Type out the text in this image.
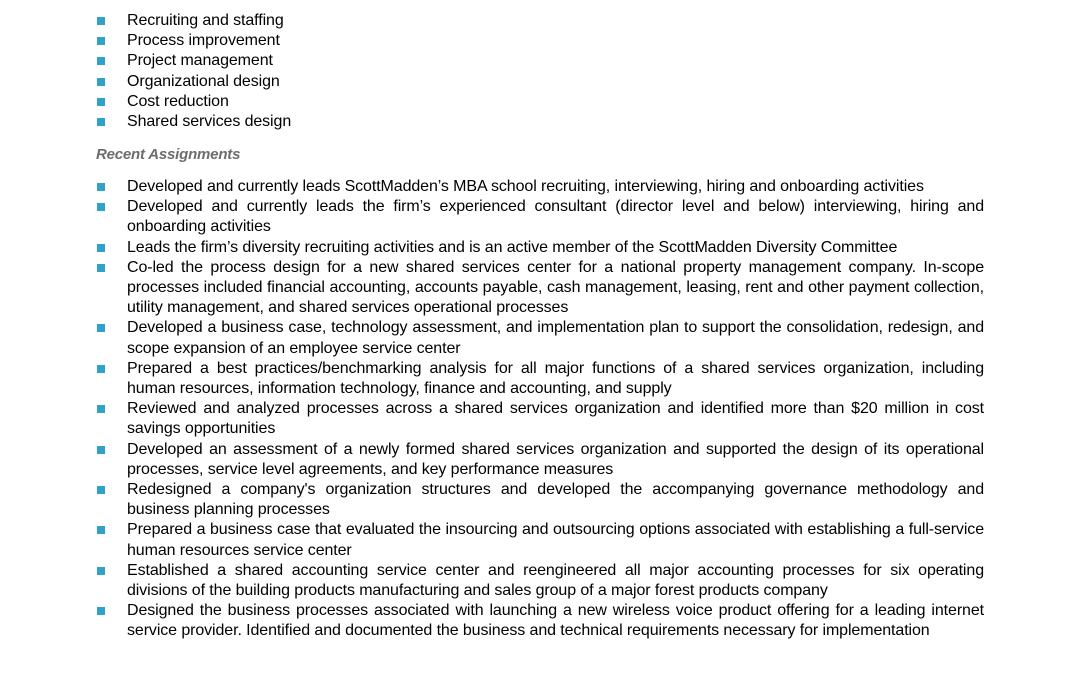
Recruiting and staffing
Process improvement
Project management
Organizational design
Cost reduction
Shared services design
Recent Assignments
Developed and currently leads ScottMadden’s MBA school recruiting, interviewing, hiring and onboarding activities
Developed and currently leads the firm’s experienced consultant (director level and below) interviewing, hiring and onboarding activities
Leads the firm’s diversity recruiting activities and is an active member of the ScottMadden Diversity Committee
Co-led the process design for a new shared services center for a national property management company. In-scope processes included financial accounting, accounts payable, cash management, leasing, rent and other payment collection, utility management, and shared services operational processes
Developed a business case, technology assessment, and implementation plan to support the consolidation, redesign, and scope expansion of an employee service center
Prepared a best practices/benchmarking analysis for all major functions of a shared services organization, including human resources, information technology, finance and accounting, and supply
Reviewed and analyzed processes across a shared services organization and identified more than $20 million in cost savings opportunities
Developed an assessment of a newly formed shared services organization and supported the design of its operational processes, service level agreements, and key performance measures
Redesigned a company's organization structures and developed the accompanying governance methodology and business planning processes
Prepared a business case that evaluated the insourcing and outsourcing options associated with establishing a full-service human resources service center
Established a shared accounting service center and reengineered all major accounting processes for six operating divisions of the building products manufacturing and sales group of a major forest products company
Designed the business processes associated with launching a new wireless voice product offering for a leading internet service provider. Identified and documented the business and technical requirements necessary for implementation
